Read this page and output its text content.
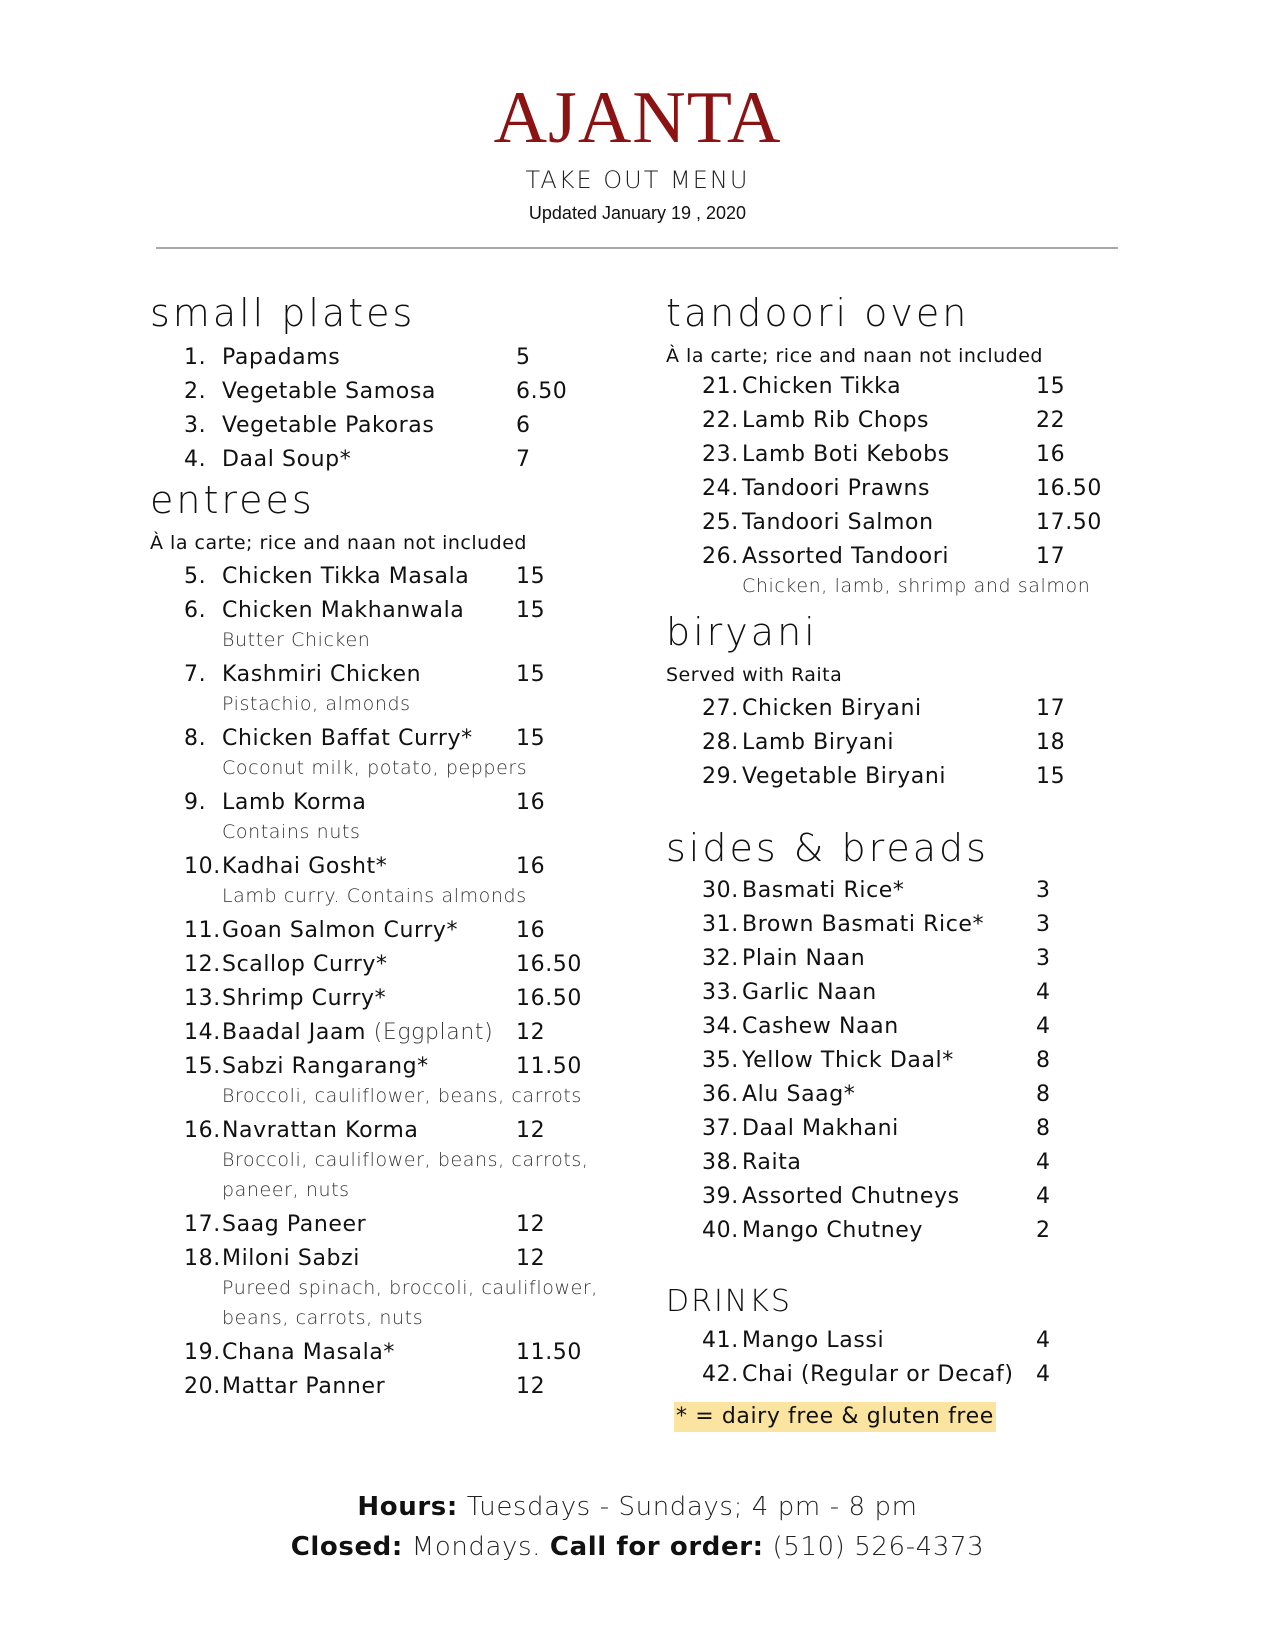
AJANTA
TAKE OUT MENU
Updated January 19 , 2020
small plates
1. Papadams	5
2. Vegetable Samosa	6.50
3. Vegetable Pakoras	6
4. Daal Soup*	7
entrees
À la carte; rice and naan not included
5. Chicken Tikka Masala 15
6. Chicken Makhanwala 15
Butter Chicken
7. Kashmiri Chicken	15
Pistachio, almonds
8. Chicken Baffat Curry* 15
Coconut milk, potato, peppers
9. Lamb Korma	16
Contains nuts
10. Kadhai Gosht*	16
Lamb curry. Contains almonds
11. Goan Salmon Curry*	16
12. Scallop Curry*	16.50
13. Shrimp Curry*	16.50
14. Baadal Jaam (Eggplant) 12
15. Sabzi Rangarang*	11.50
Broccoli, cauliflower, beans, carrots
16. Navrattan Korma	12
Broccoli, cauliflower, beans, carrots,
paneer, nuts
17. Saag Paneer	12
18. Miloni Sabzi	12
Pureed spinach, broccoli, cauliflower,
beans, carrots, nuts
19. Chana Masala*	11.50
20. Mattar Panner	12
tandoori oven
À la carte; rice and naan not included
21. Chicken Tikka	15
22. Lamb Rib Chops	22
23. Lamb Boti Kebobs	16
24. Tandoori Prawns	16.50
25. Tandoori Salmon	17.50
26. Assorted Tandoori	17
Chicken, lamb, shrimp and salmon
biryani
Served with Raita
27. Chicken Biryani	17
28. Lamb Biryani	18
29. Vegetable Biryani	15
sides & breads
30. Basmati Rice*	3
31. Brown Basmati Rice* 3
32. Plain Naan	3
33. Garlic Naan	4
34. Cashew Naan	4
35. Yellow Thick Daal*	8
36. Alu Saag*	8
37. Daal Makhani	8
38. Raita	4
39. Assorted Chutneys	4
40. Mango Chutney	2
DRINKS
41. Mango Lassi	4
42. Chai (Regular or Decaf) 4
* = dairy free & gluten free
Hours: Tuesdays - Sundays; 4 pm - 8 pm
Closed: Mondays. Call for order: (510) 526-4373
